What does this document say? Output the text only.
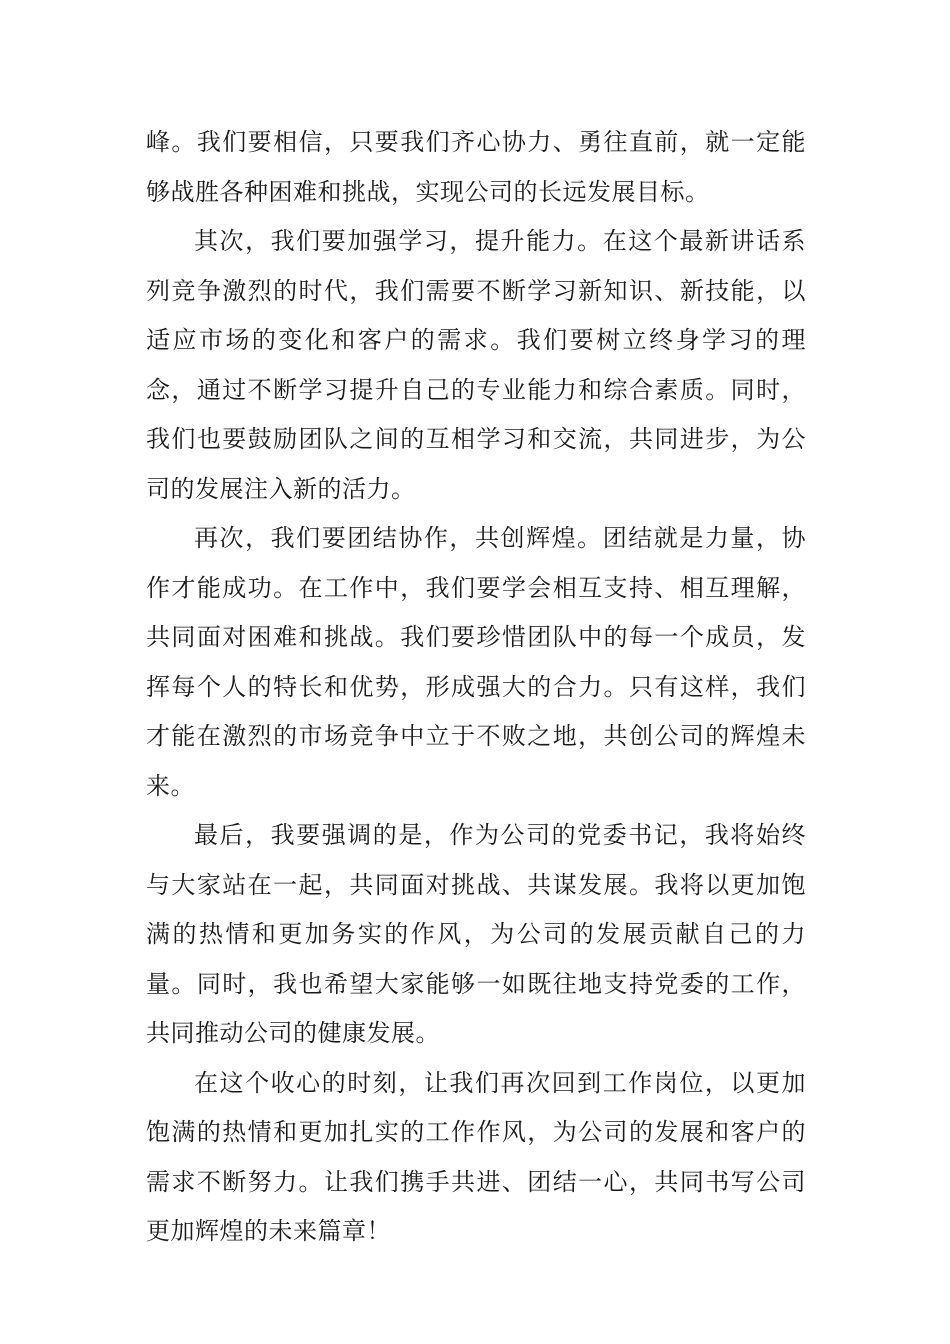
峰。我们要相信，只要我们齐心协力、勇往直前，就一定能够战胜各种困难和挑战，实现公司的长远发展目标。

其次，我们要加强学习，提升能力。在这个最新讲话系列竞争激烈的时代，我们需要不断学习新知识、新技能，以适应市场的变化和客户的需求。我们要树立终身学习的理念，通过不断学习提升自己的专业能力和综合素质。同时，我们也要鼓励团队之间的互相学习和交流，共同进步，为公司的发展注入新的活力。

再次，我们要团结协作，共创辉煌。团结就是力量，协作才能成功。在工作中，我们要学会相互支持、相互理解，共同面对困难和挑战。我们要珍惜团队中的每一个成员，发挥每个人的特长和优势，形成强大的合力。只有这样，我们才能在激烈的市场竞争中立于不败之地，共创公司的辉煌未来。

最后，我要强调的是，作为公司的党委书记，我将始终与大家站在一起，共同面对挑战、共谋发展。我将以更加饱满的热情和更加务实的作风，为公司的发展贡献自己的力量。同时，我也希望大家能够一如既往地支持党委的工作，共同推动公司的健康发展。

在这个收心的时刻，让我们再次回到工作岗位，以更加饱满的热情和更加扎实的工作作风，为公司的发展和客户的需求不断努力。让我们携手共进、团结一心，共同书写公司更加辉煌的未来篇章！
